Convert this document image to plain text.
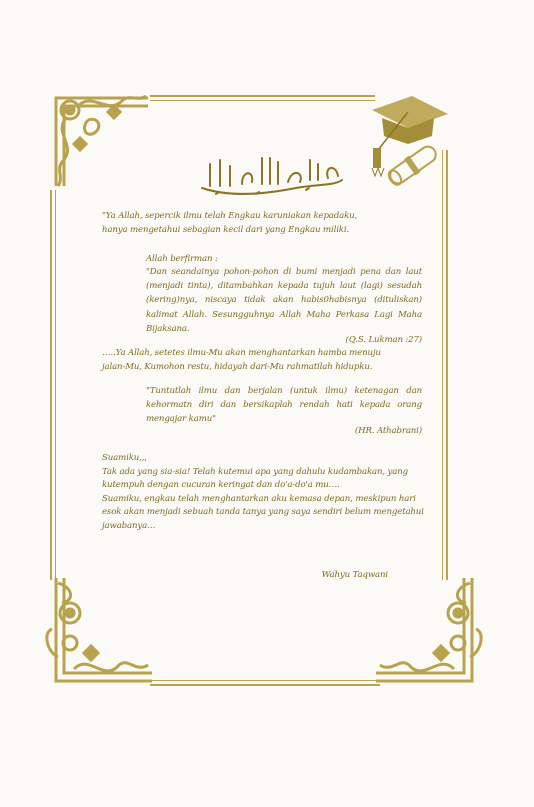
"Ya Allah, sepercik ilmu telah Engkau karuniakan kepadaku,
hanya mengetahui sebagian kecil dari yang Engkau miliki.
Allah berfirman :
"Dan seandainya pohon-pohon di bumi menjadi pena dan laut (menjadi tinta), ditambahkan kepada tujuh laut (lagi) sesudah (kering)nya, niscaya tidak akan habis0habisnya (dituliskan) kalimat Allah. Sesungguhnya Allah Maha Perkasa Lagi Maha Bijaksana.
(Q.S. Lukman :27)
…..Ya Allah, setetes ilmu-Mu akan menghantarkan hamba menuju
jalan-Mu, Kumohon restu, hidayah dari-Mu rahmatilah hidupku.
"Tuntutlah ilmu dan berjalan (untuk ilmu) ketenagan dan kehormatn diri dan bersikaplah rendah hati kepada orang mengajar kamu"
(HR. Athabrani)
Suamiku,,,
Tak ada yang sia-sia! Telah kutemui apa yang dahulu kudambakan, yang
kutempuh dengan cucuran keringat dan do'a-do'a mu….
Suamiku, engkau telah menghantarkan aku kemasa depan, meskipun hari
esok akan menjadi sebuah tanda tanya yang saya sendiri belum mengetahui
jawabanya…
Wahyu Taqwani
